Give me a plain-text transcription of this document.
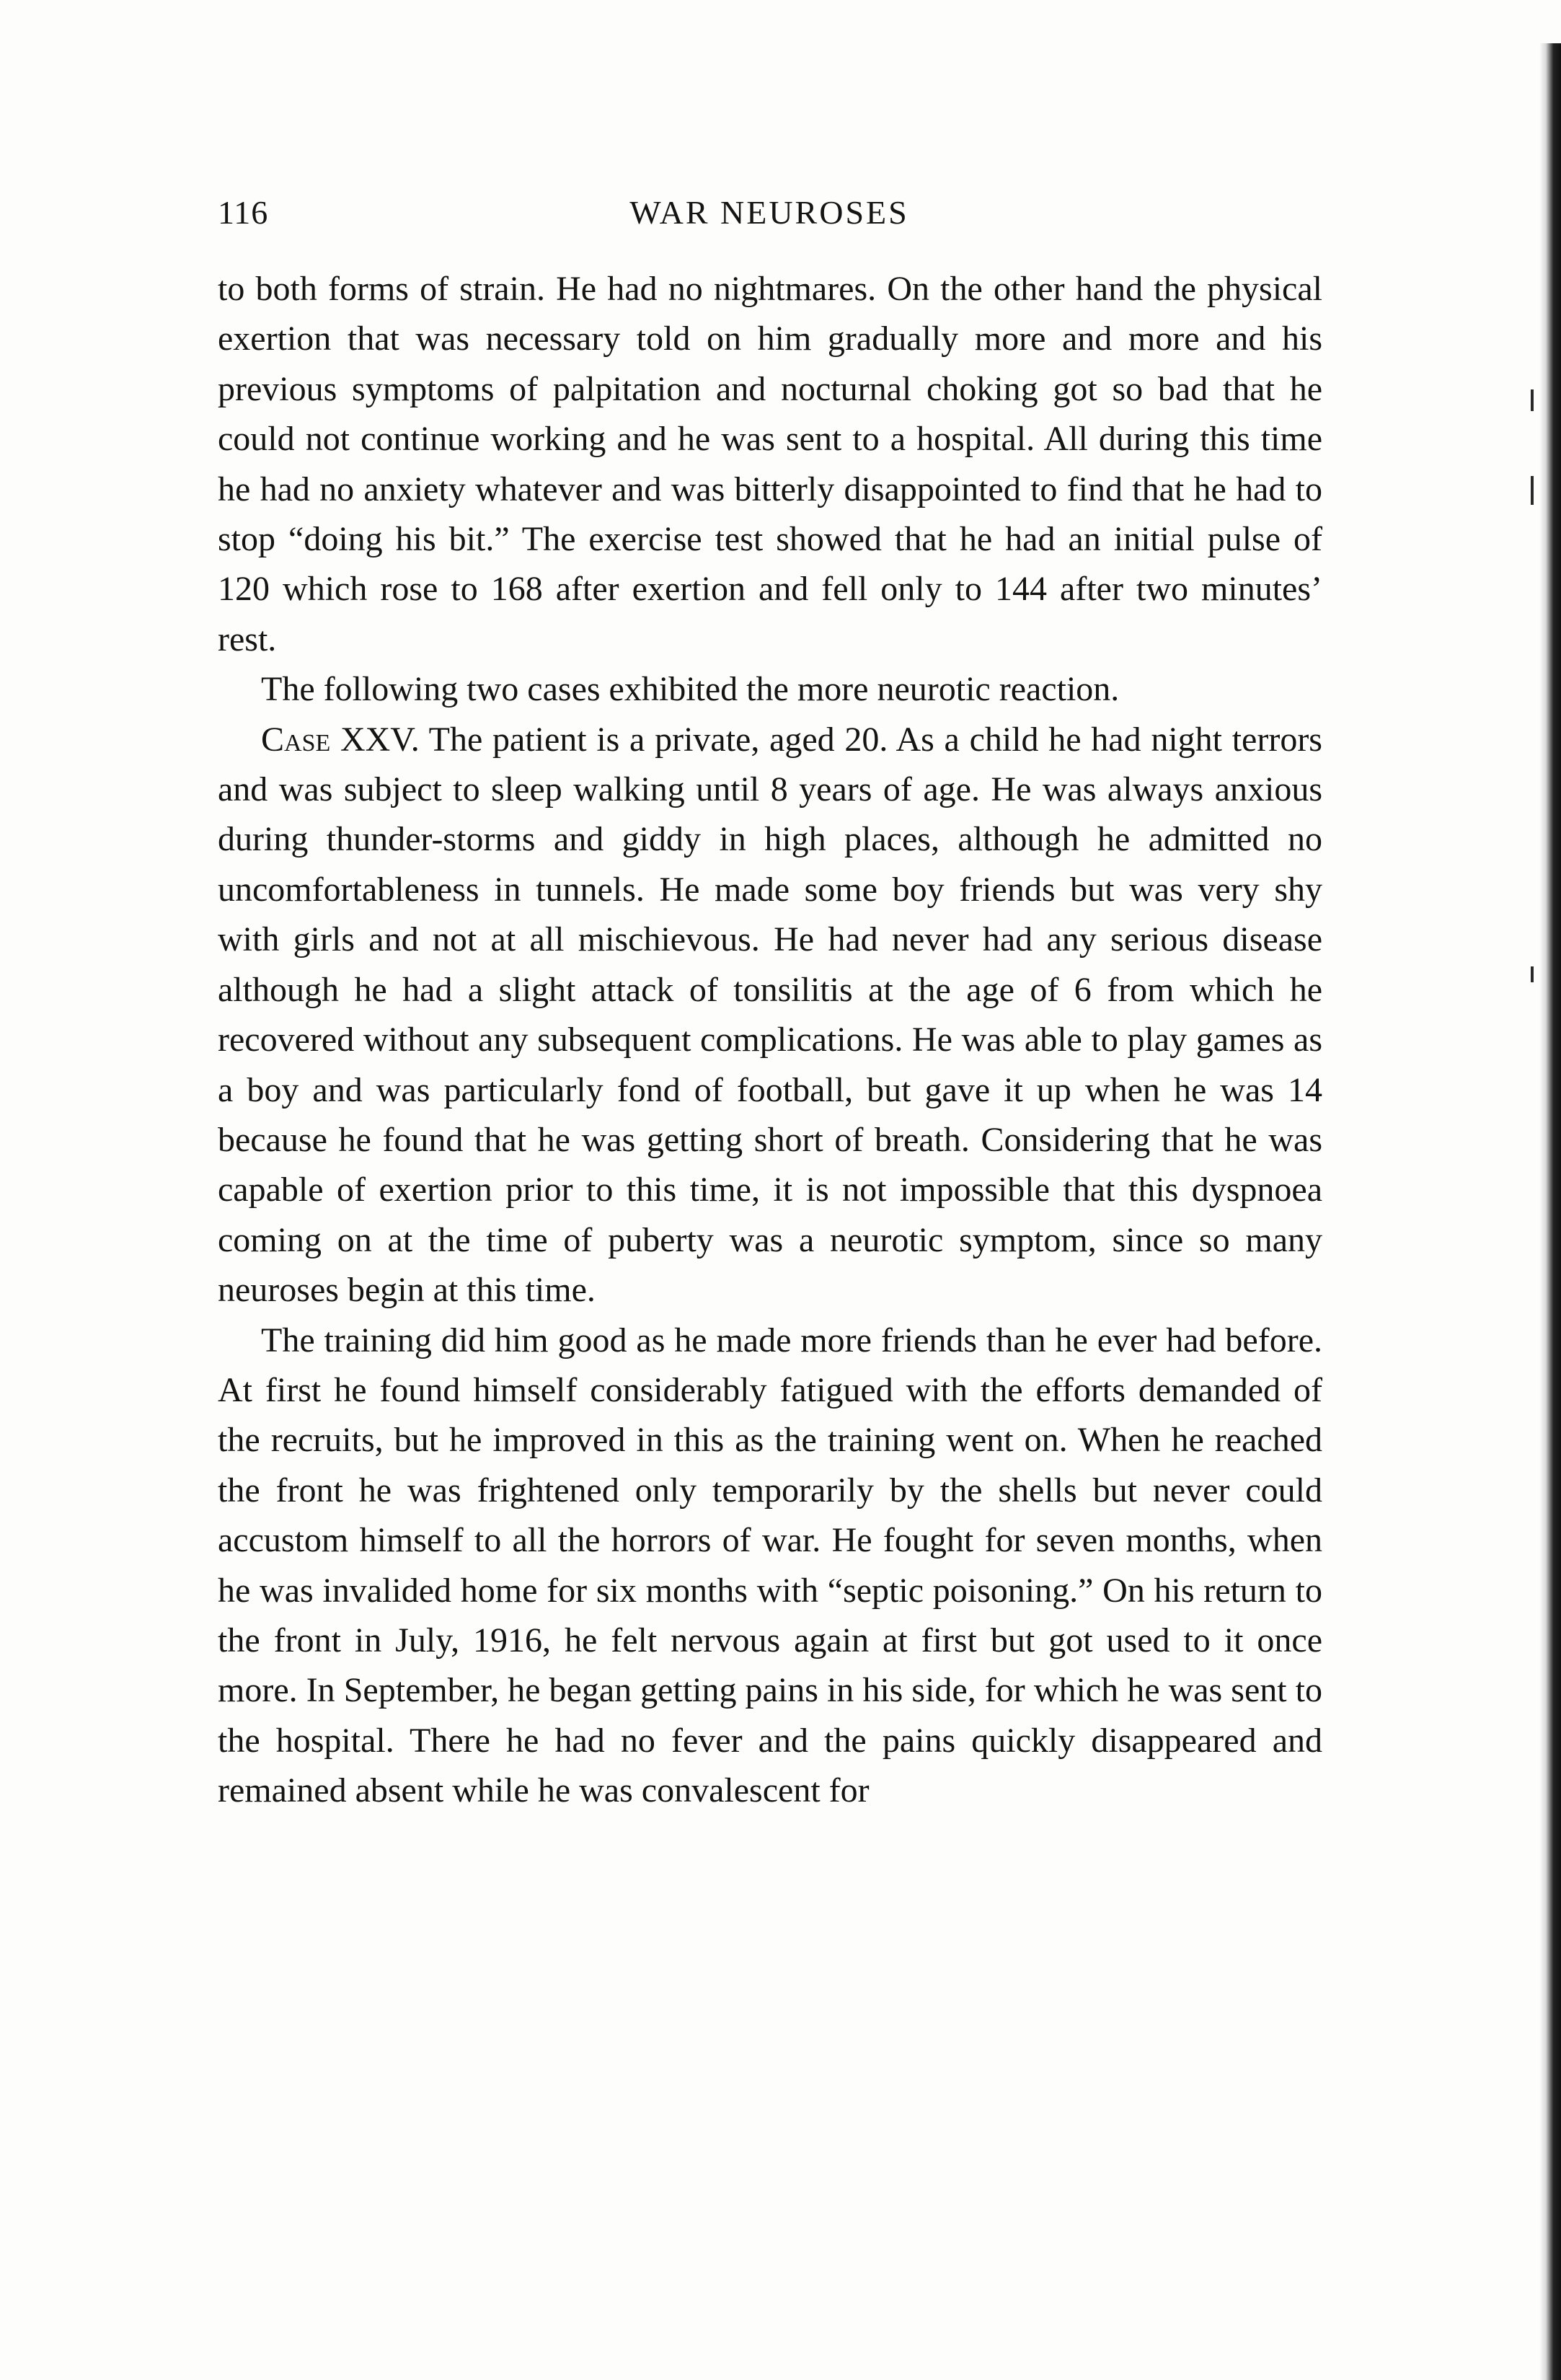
116	WAR NEUROSES

to both forms of strain. He had no nightmares. On the other hand the physical exertion that was necessary told on him gradually more and more and his previous symptoms of palpitation and nocturnal choking got so bad that he could not continue working and he was sent to a hospital. All during this time he had no anxiety whatever and was bitterly disappointed to find that he had to stop “doing his bit.” The exercise test showed that he had an initial pulse of 120 which rose to 168 after exertion and fell only to 144 after two minutes’ rest.

The following two cases exhibited the more neurotic reaction.

Case XXV. The patient is a private, aged 20. As a child he had night terrors and was subject to sleep walking until 8 years of age. He was always anxious during thunder-storms and giddy in high places, although he admitted no uncomfortableness in tunnels. He made some boy friends but was very shy with girls and not at all mischievous. He had never had any serious disease although he had a slight attack of tonsilitis at the age of 6 from which he recovered without any subsequent complications. He was able to play games as a boy and was particularly fond of football, but gave it up when he was 14 because he found that he was getting short of breath. Considering that he was capable of exertion prior to this time, it is not impossible that this dyspnoea coming on at the time of puberty was a neurotic symptom, since so many neuroses begin at this time.

The training did him good as he made more friends than he ever had before. At first he found himself considerably fatigued with the efforts demanded of the recruits, but he improved in this as the training went on. When he reached the front he was frightened only temporarily by the shells but never could accustom himself to all the horrors of war. He fought for seven months, when he was invalided home for six months with “septic poisoning.” On his return to the front in July, 1916, he felt nervous again at first but got used to it once more. In September, he began getting pains in his side, for which he was sent to the hospital. There he had no fever and the pains quickly disappeared and remained absent while he was convalescent for
